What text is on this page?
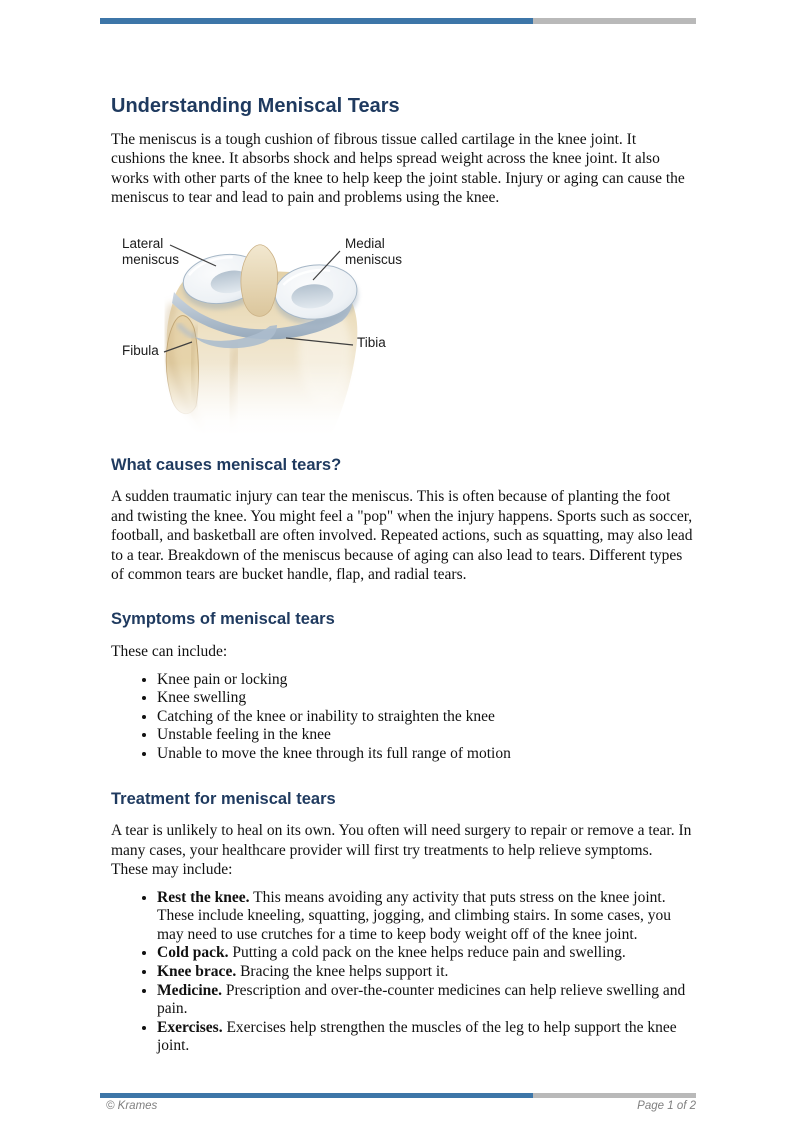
Understanding Meniscal Tears

The meniscus is a tough cushion of fibrous tissue called cartilage in the knee joint. It cushions the knee. It absorbs shock and helps spread weight across the knee joint. It also works with other parts of the knee to help keep the joint stable. Injury or aging can cause the meniscus to tear and lead to pain and problems using the knee.

Lateral meniscus
Medial meniscus
Fibula
Tibia
What causes meniscal tears?

A sudden traumatic injury can tear the meniscus. This is often because of planting the foot and twisting the knee. You might feel a "pop" when the injury happens. Sports such as soccer, football, and basketball are often involved. Repeated actions, such as squatting, may also lead to a tear. Breakdown of the meniscus because of aging can also lead to tears. Different types of common tears are bucket handle, flap, and radial tears.

Symptoms of meniscal tears

These can include:

• Knee pain or locking
• Knee swelling
• Catching of the knee or inability to straighten the knee
• Unstable feeling in the knee
• Unable to move the knee through its full range of motion
Treatment for meniscal tears

A tear is unlikely to heal on its own. You often will need surgery to repair or remove a tear. In many cases, your healthcare provider will first try treatments to help relieve symptoms. These may include:

• Rest the knee. This means avoiding any activity that puts stress on the knee joint. These include kneeling, squatting, jogging, and climbing stairs. In some cases, you may need to use crutches for a time to keep body weight off of the knee joint.
• Cold pack. Putting a cold pack on the knee helps reduce pain and swelling.
• Knee brace. Bracing the knee helps support it.
• Medicine. Prescription and over-the-counter medicines can help relieve swelling and pain.
• Exercises. Exercises help strengthen the muscles of the leg to help support the knee joint.
© Krames	Page 1 of 2
